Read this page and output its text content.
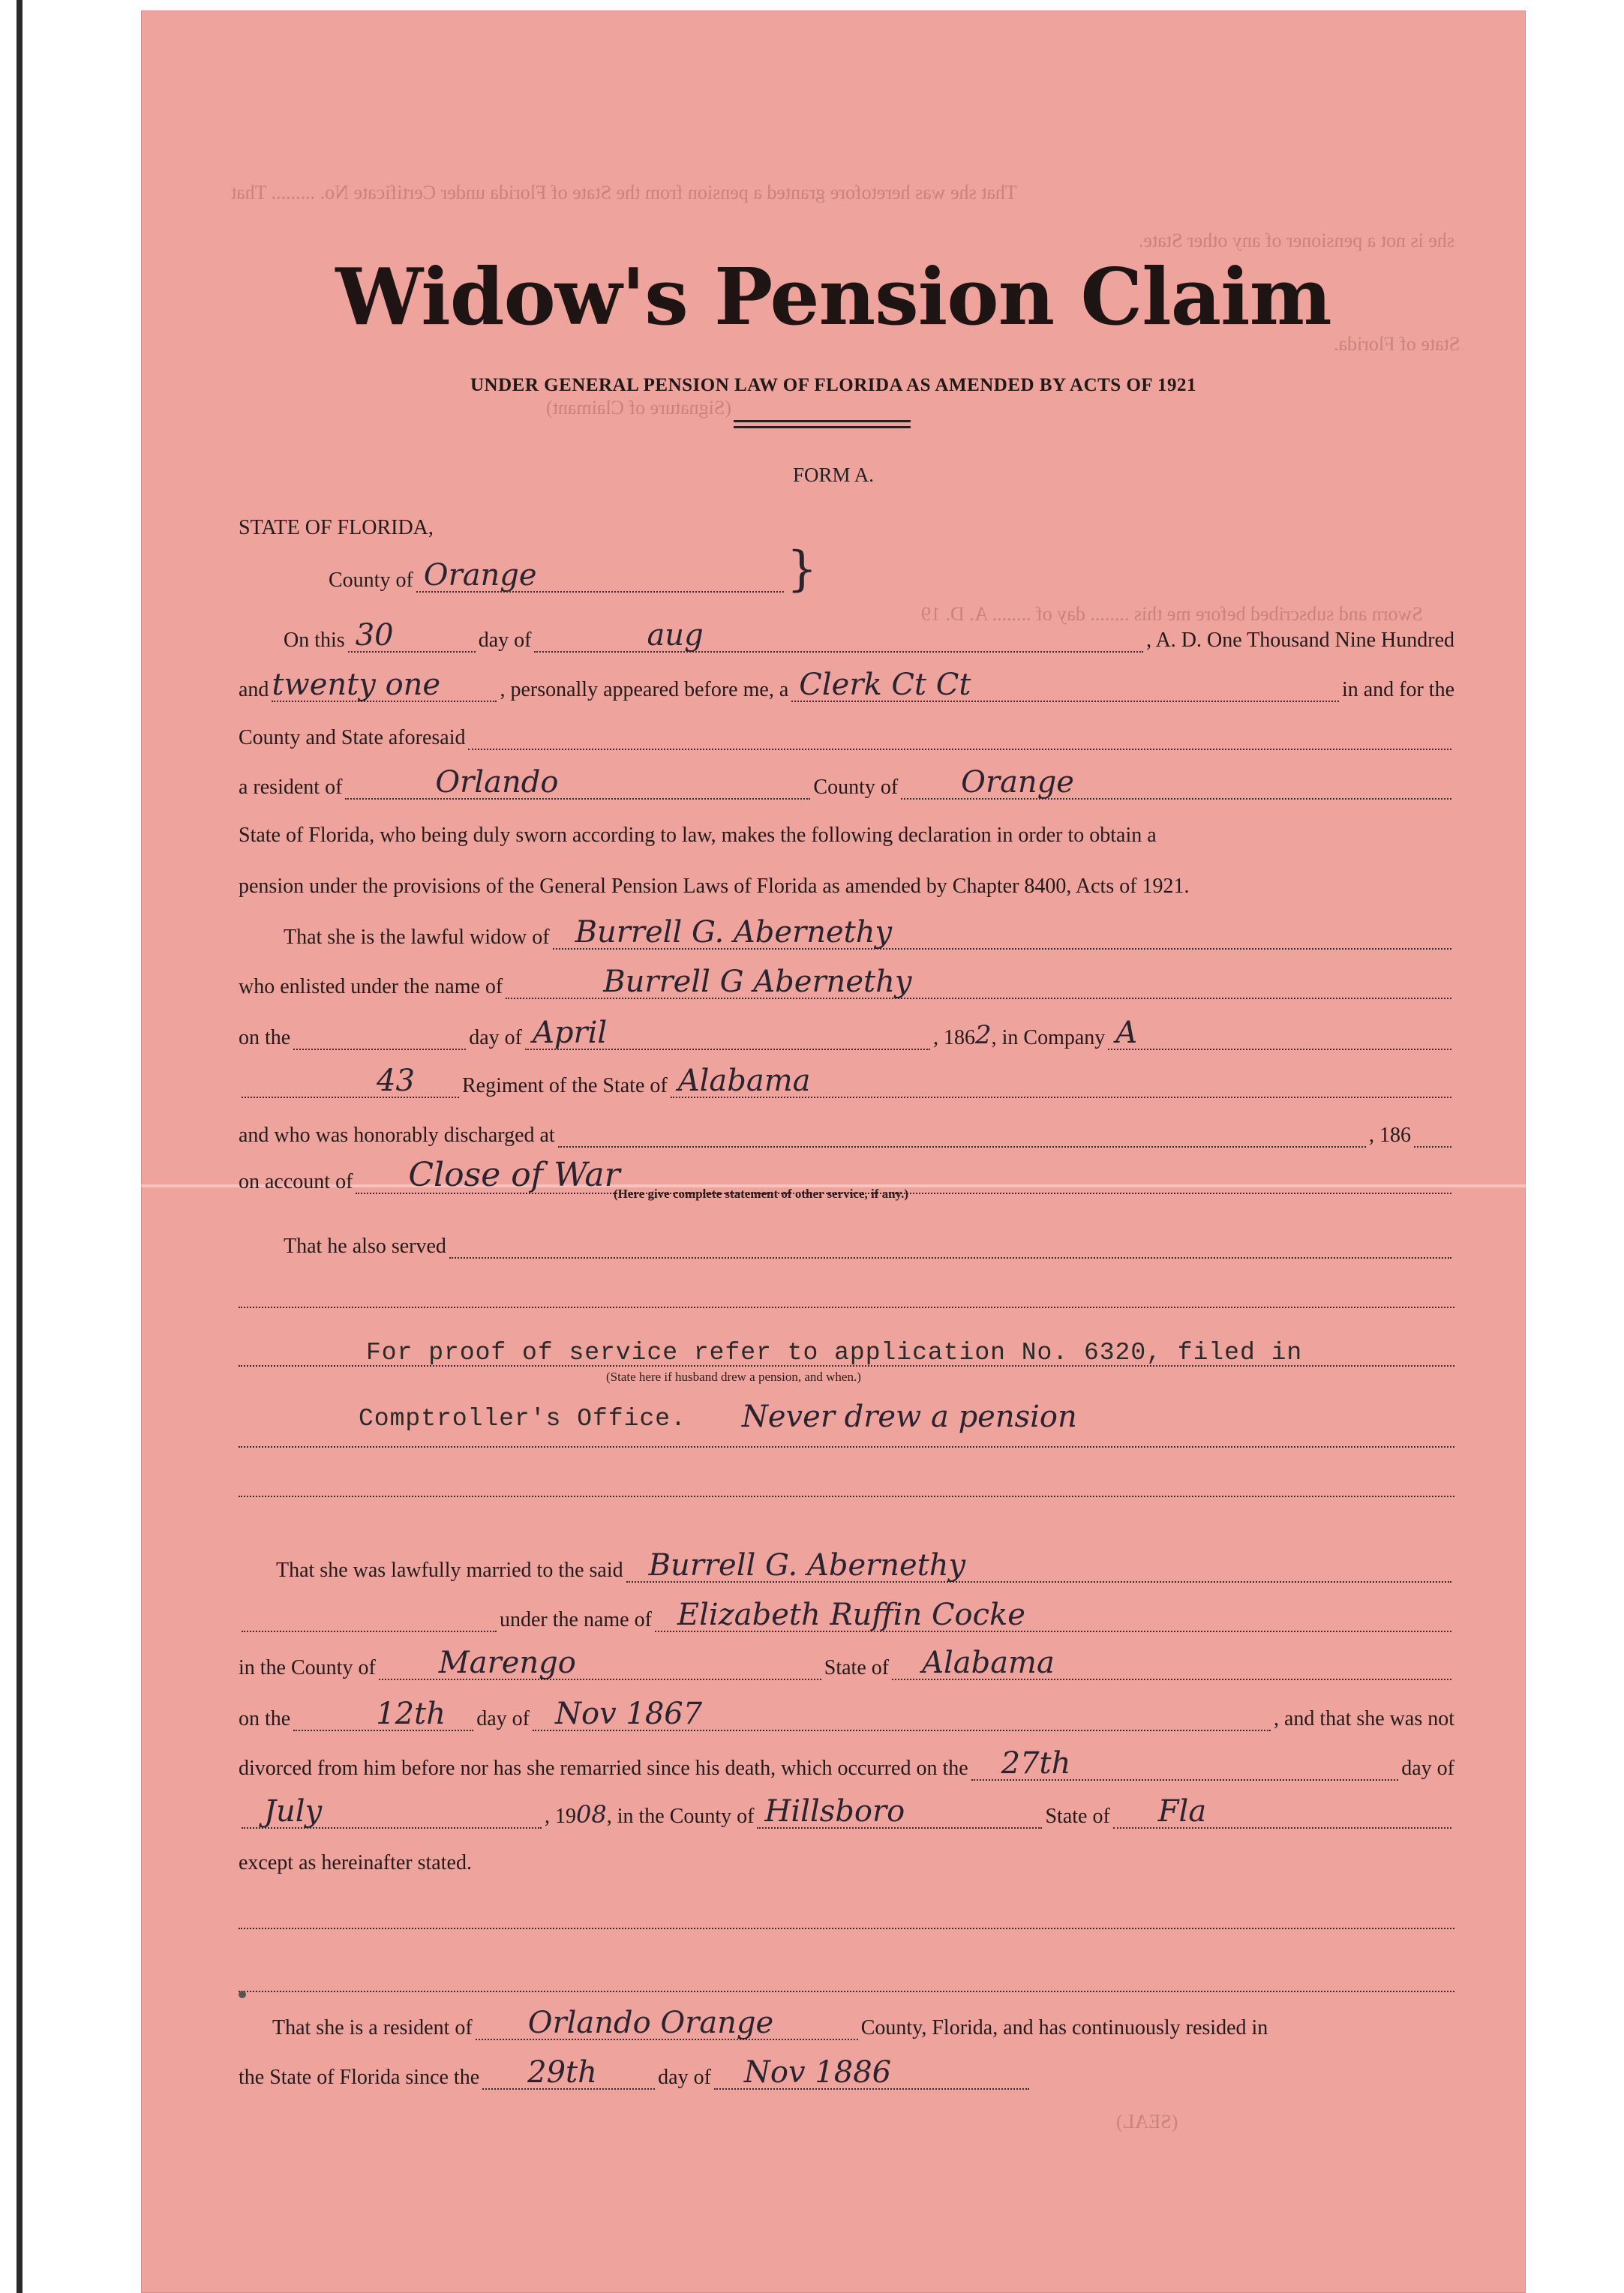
That she was heretofore granted a pension from the State of Florida under Certificate No. ......... That
she is not a pensioner of any other State.
State of Florida.
Sworn and subscribed before me this ........ day of ........ A. D. 19
(Signature of Claimant)
(SEAL)
Widow's Pension Claim
UNDER GENERAL PENSION LAW OF FLORIDA AS AMENDED BY ACTS OF 1921
FORM A.
STATE OF FLORIDA,
County of Orange	}
On this 30	day of	aug	, A. D. One Thousand Nine Hundred
and twenty one	, personally appeared before me, a Clerk Ct Ct	in and for the
County and State aforesaid
a resident of	Orlando	County of Orange
State of Florida, who being duly sworn according to law, makes the following declaration in order to obtain a
pension under the provisions of the General Pension Laws of Florida as amended by Chapter 8400, Acts of 1921.
That she is the lawful widow of Burrell G. Abernethy
who enlisted under the name of	Burrell G Abernethy
on the	day of April	, 186 2 , in Company A
43 Regiment of the State of Alabama
and who was honorably discharged at	, 186
on account of Close of War
(Here give complete statement of other service, if any.)
That he also served
For proof of service refer to application No. 6320, filed in
(State here if husband drew a pension, and when.)
Comptroller's Office. Never drew a pension
That she was lawfully married to the said Burrell G. Abernethy
under the name of Elizabeth Ruffin Cocke
in the County of Marengo	State of Alabama
on the	12th day of Nov 1867	, and that she was not
divorced from him before nor has she remarried since his death, which occurred on the 27th	day of
July	, 19 08 , in the County of Hillsboro	State of Fla
except as hereinafter stated.
That she is a resident of Orlando Orange	County, Florida, and has continuously resided in
the State of Florida since the 29th	day of Nov 1886
